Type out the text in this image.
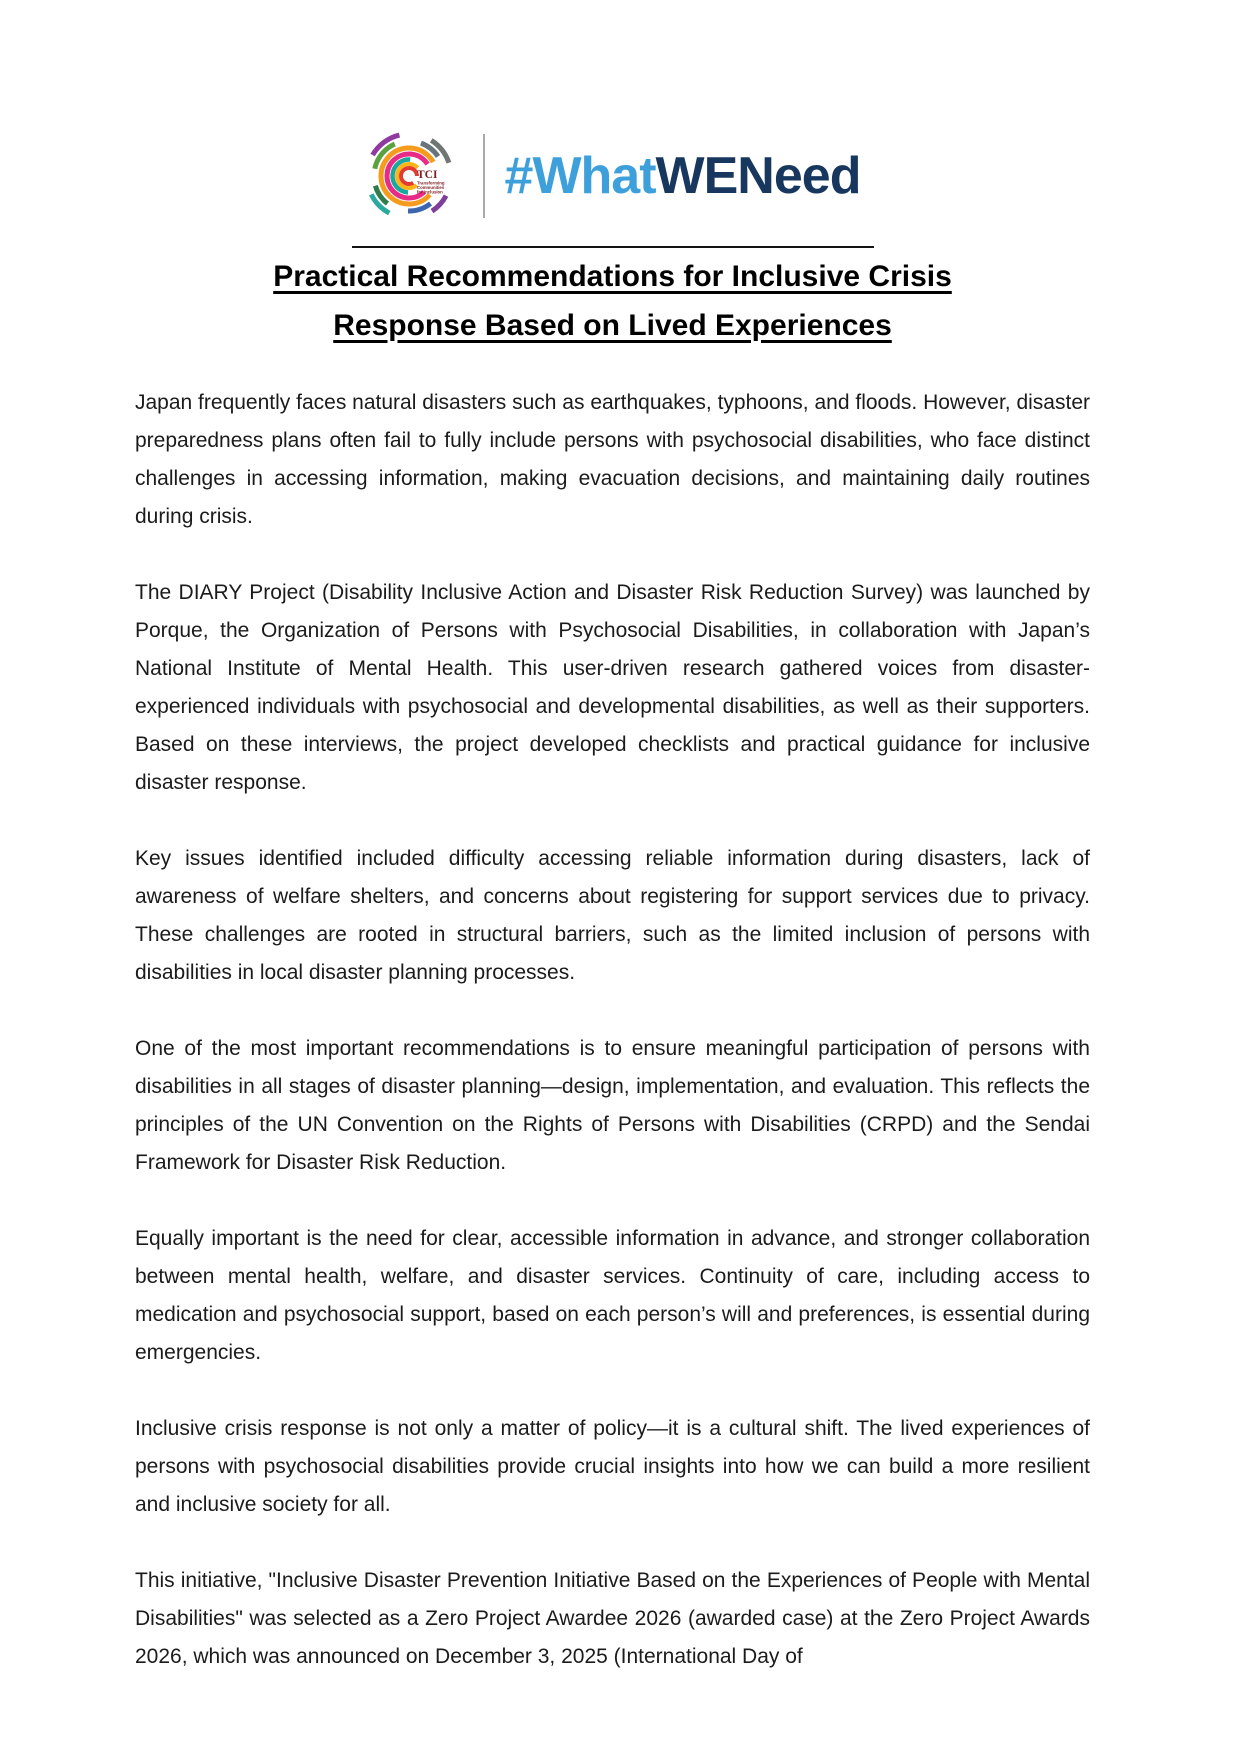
TCI
Transforming
Communities
for Inclusion #WhatWENeed
Practical Recommendations for Inclusive Crisis
Response Based on Lived Experiences

Japan frequently faces natural disasters such as earthquakes, typhoons, and floods. However, disaster preparedness plans often fail to fully include persons with psychosocial disabilities, who face distinct challenges in accessing information, making evacuation decisions, and maintaining daily routines during crisis.

The DIARY Project (Disability Inclusive Action and Disaster Risk Reduction Survey) was launched by Porque, the Organization of Persons with Psychosocial Disabilities, in collaboration with Japan’s National Institute of Mental Health. This user-driven research gathered voices from disaster-experienced individuals with psychosocial and developmental disabilities, as well as their supporters. Based on these interviews, the project developed checklists and practical guidance for inclusive disaster response.

Key issues identified included difficulty accessing reliable information during disasters, lack of awareness of welfare shelters, and concerns about registering for support services due to privacy. These challenges are rooted in structural barriers, such as the limited inclusion of persons with disabilities in local disaster planning processes.

One of the most important recommendations is to ensure meaningful participation of persons with disabilities in all stages of disaster planning—design, implementation, and evaluation. This reflects the principles of the UN Convention on the Rights of Persons with Disabilities (CRPD) and the Sendai Framework for Disaster Risk Reduction.

Equally important is the need for clear, accessible information in advance, and stronger collaboration between mental health, welfare, and disaster services. Continuity of care, including access to medication and psychosocial support, based on each person’s will and preferences, is essential during emergencies.

Inclusive crisis response is not only a matter of policy—it is a cultural shift. The lived experiences of persons with psychosocial disabilities provide crucial insights into how we can build a more resilient and inclusive society for all.

This initiative, "Inclusive Disaster Prevention Initiative Based on the Experiences of People with Mental Disabilities" was selected as a Zero Project Awardee 2026 (awarded case) at the Zero Project Awards 2026, which was announced on December 3, 2025 (International Day of
